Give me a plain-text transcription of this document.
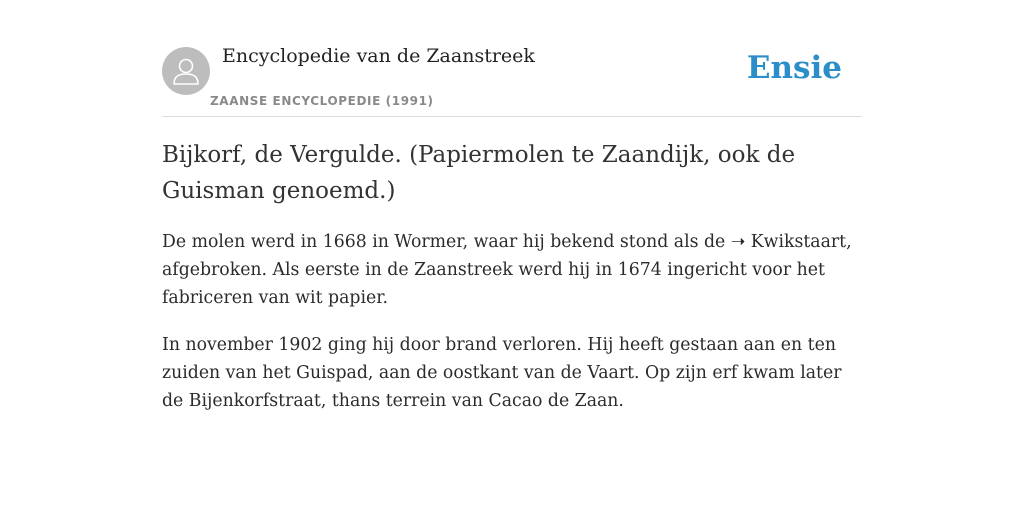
Encyclopedie van de Zaanstreek
ZAANSE ENCYCLOPEDIE (1991)
Ensie
Bijkorf, de Vergulde. (Papiermolen te Zaandijk, ook de Guisman genoemd.)

De molen werd in 1668 in Wormer, waar hij bekend stond als de ➝ Kwikstaart, afgebroken. Als eerste in de Zaanstreek werd hij in 1674 ingericht voor het fabriceren van wit papier.

In november 1902 ging hij door brand verloren. Hij heeft gestaan aan en ten zuiden van het Guispad, aan de oostkant van de Vaart. Op zijn erf kwam later de Bijenkorfstraat, thans terrein van Cacao de Zaan.
